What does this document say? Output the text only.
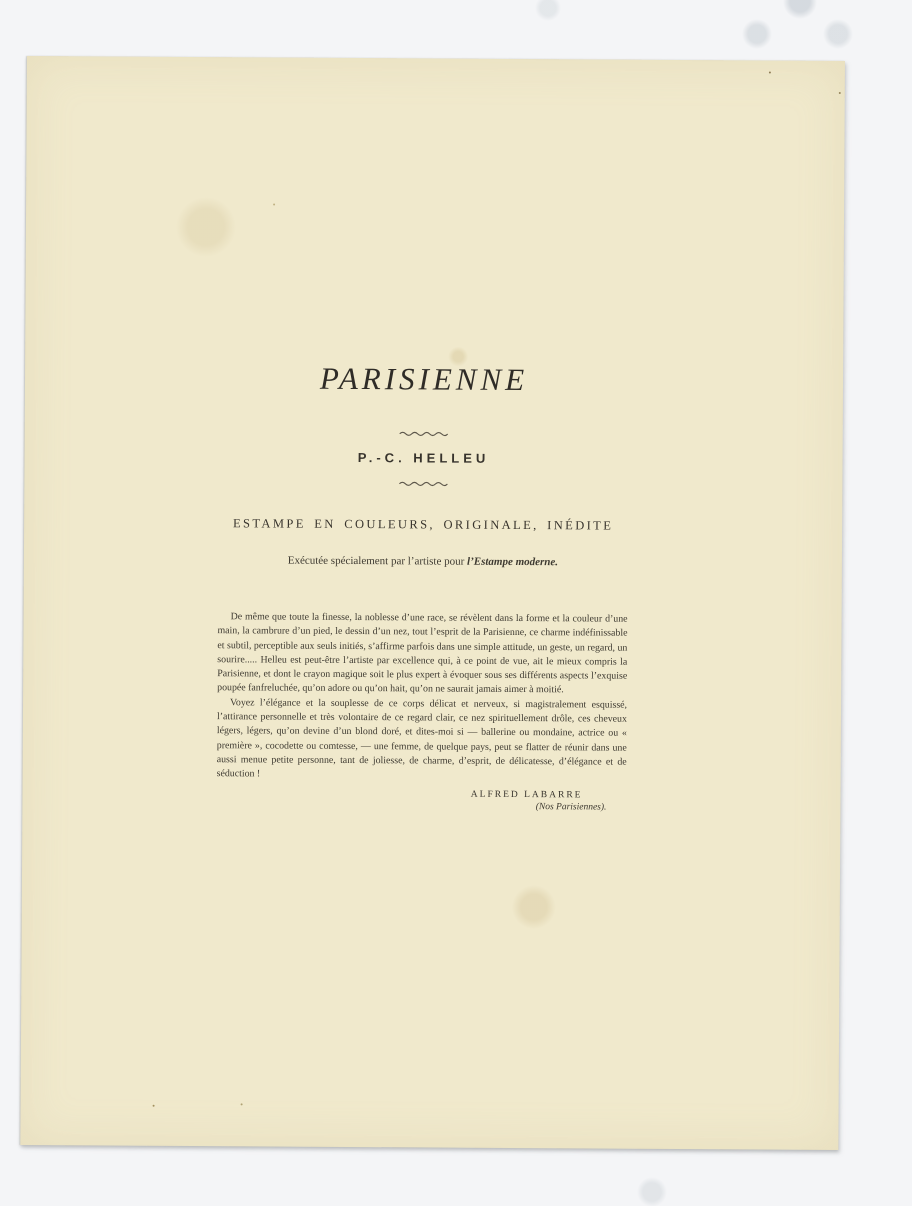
PARISIENNE
P.-C. HELLEU
ESTAMPE EN COULEURS, ORIGINALE, INÉDITE
Exécutée spécialement par l’artiste pour l’Estampe moderne.

De même que toute la finesse, la noblesse d’une race, se révèlent dans la forme et la couleur d’une main, la cambrure d’un pied, le dessin d’un nez, tout l’esprit de la Parisienne, ce charme indéfinissable et subtil, perceptible aux seuls initiés, s’affirme parfois dans une simple attitude, un geste, un regard, un sourire..... Helleu est peut-être l’artiste par excellence qui, à ce point de vue, ait le mieux compris la Parisienne, et dont le crayon magique soit le plus expert à évoquer sous ses différents aspects l’exquise poupée fanfreluchée, qu’on adore ou qu’on hait, qu’on ne saurait jamais aimer à moitié.

Voyez l’élégance et la souplesse de ce corps délicat et nerveux, si magistralement esquissé, l’attirance personnelle et très volontaire de ce regard clair, ce nez spirituellement drôle, ces cheveux légers, légers, qu’on devine d’un blond doré, et dites-moi si — ballerine ou mondaine, actrice ou « première », cocodette ou comtesse, — une femme, de quelque pays, peut se flatter de réunir dans une aussi menue petite personne, tant de joliesse, de charme, d’esprit, de délicatesse, d’élégance et de séduction !

ALFRED LABARRE
(Nos Parisiennes).
